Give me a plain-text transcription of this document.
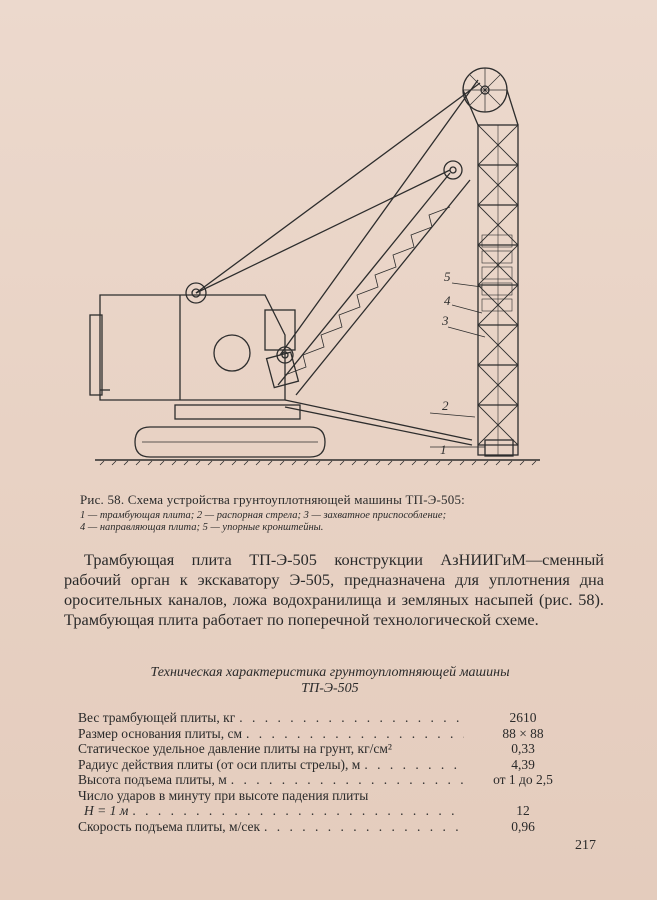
1
2
3
4
5
Рис. 58. Схема устройства грунтоуплотняющей машины ТП-Э-505:
1 — трамбующая плита; 2 — распорная стрела; 3 — захватное приспособление;
4 — направляющая плита; 5 — упорные кронштейны.
Трамбующая плита ТП-Э-505 конструкции АзНИИГиМ—сменный рабочий орган к экскаватору Э-505, предназначена для уплотнения дна оросительных каналов, ложа водохранилища и земляных насыпей (рис. 58). Трамбующая плита работает по поперечной технологической схеме.
Техническая характеристика грунтоуплотняющей машины
ТП-Э-505
Вес трамбующей плиты, кг . . .	2610
Размер основания плиты, см . . .	88 × 88
Статическое удельное давление плиты на грунт, кг/см²	0,33
Радиус действия плиты (от оси плиты стрелы), м . . .	4,39
Высота подъема плиты, м . . .	от 1 до 2,5
Число ударов в минуту при высоте падения плиты
H = 1 м . . .	12
Скорость подъема плиты, м/сек . . .	0,96
217
